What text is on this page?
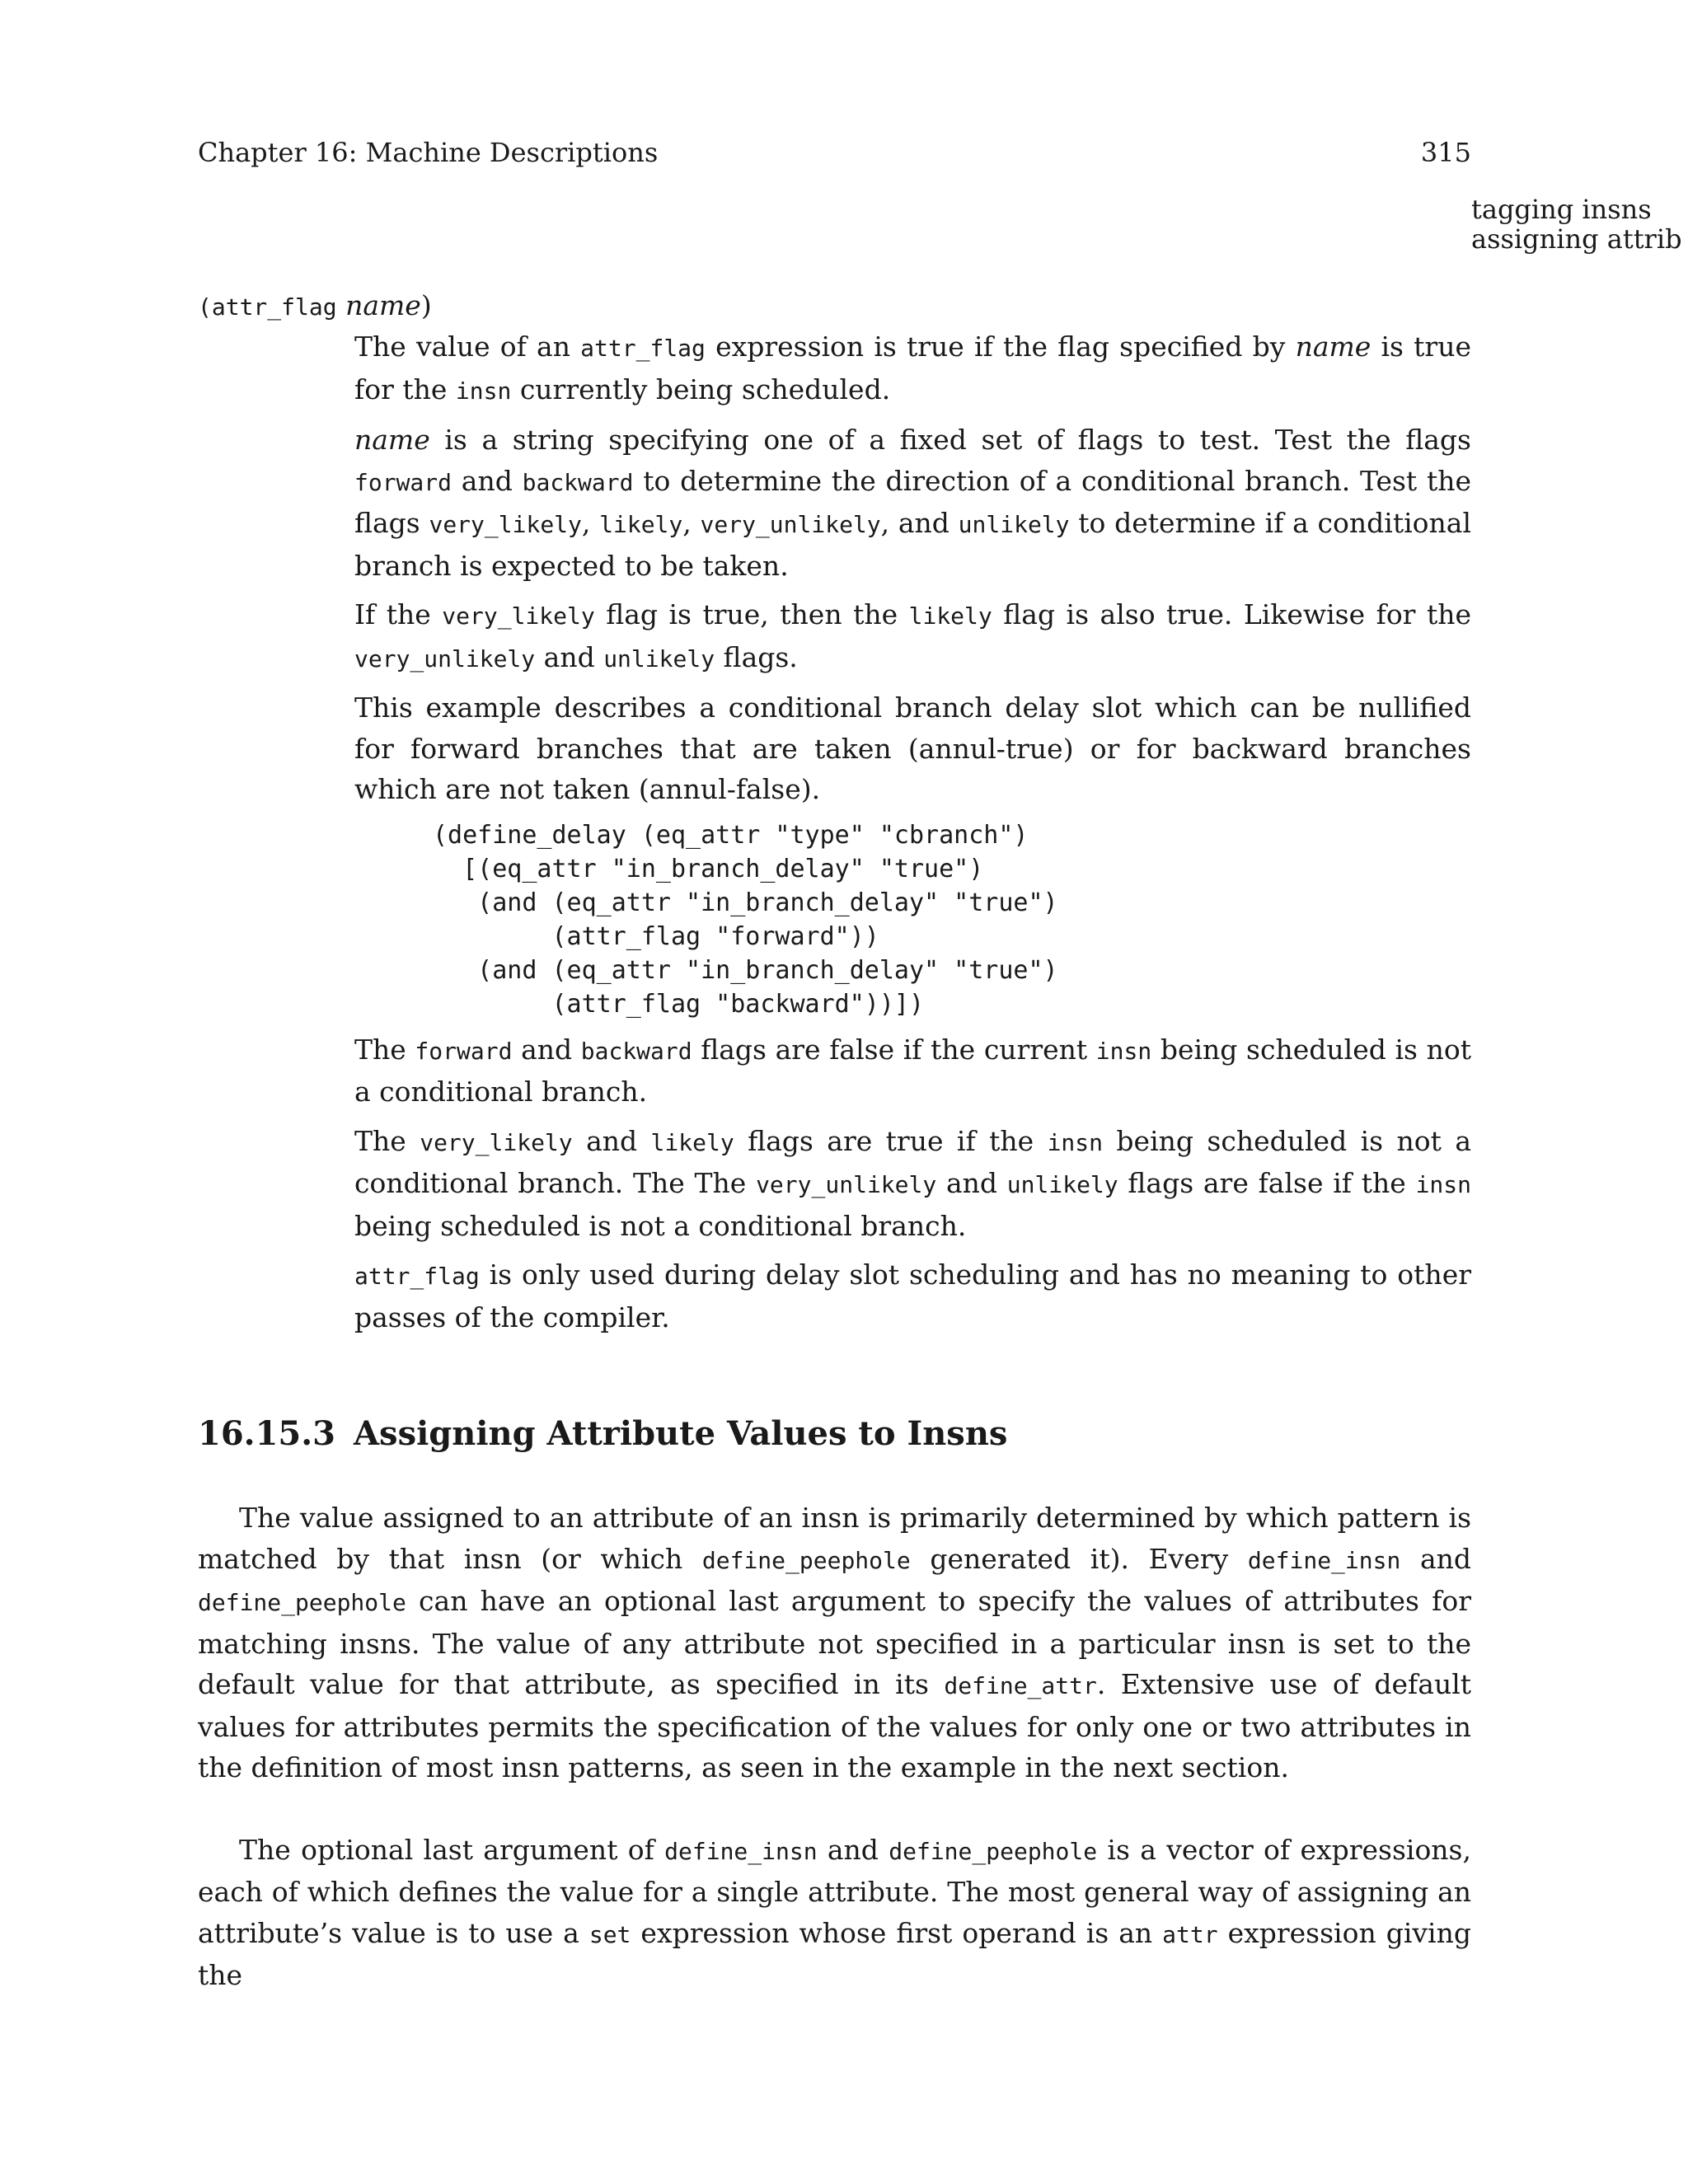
Chapter 16: Machine Descriptions	315
tagging insns
assigning attrib
(attr_flag name)

The value of an attr_flag expression is true if the flag specified by name is true for the insn currently being scheduled.

name is a string specifying one of a fixed set of flags to test. Test the flags forward and backward to determine the direction of a conditional branch. Test the flags very_likely, likely, very_unlikely, and unlikely to determine if a conditional branch is expected to be taken.

If the very_likely flag is true, then the likely flag is also true. Likewise for the very_unlikely and unlikely flags.

This example describes a conditional branch delay slot which can be nullified for forward branches that are taken (annul-true) or for backward branches which are not taken (annul-false).

(define_delay (eq_attr "type" "cbranch")
[(eq_attr "in_branch_delay" "true")
(and (eq_attr "in_branch_delay" "true")
(attr_flag "forward"))
(and (eq_attr "in_branch_delay" "true")
(attr_flag "backward"))])

The forward and backward flags are false if the current insn being scheduled is not a conditional branch.

The very_likely and likely flags are true if the insn being scheduled is not a conditional branch. The The very_unlikely and unlikely flags are false if the insn being scheduled is not a conditional branch.

attr_flag is only used during delay slot scheduling and has no meaning to other passes of the compiler.

16.15.3 Assigning Attribute Values to Insns

The value assigned to an attribute of an insn is primarily determined by which pattern is matched by that insn (or which define_peephole generated it). Every define_insn and define_peephole can have an optional last argument to specify the values of attributes for matching insns. The value of any attribute not specified in a particular insn is set to the default value for that attribute, as specified in its define_attr. Extensive use of default values for attributes permits the specification of the values for only one or two attributes in the definition of most insn patterns, as seen in the example in the next section.

The optional last argument of define_insn and define_peephole is a vector of expressions, each of which defines the value for a single attribute. The most general way of assigning an attribute’s value is to use a set expression whose first operand is an attr expression giving the
